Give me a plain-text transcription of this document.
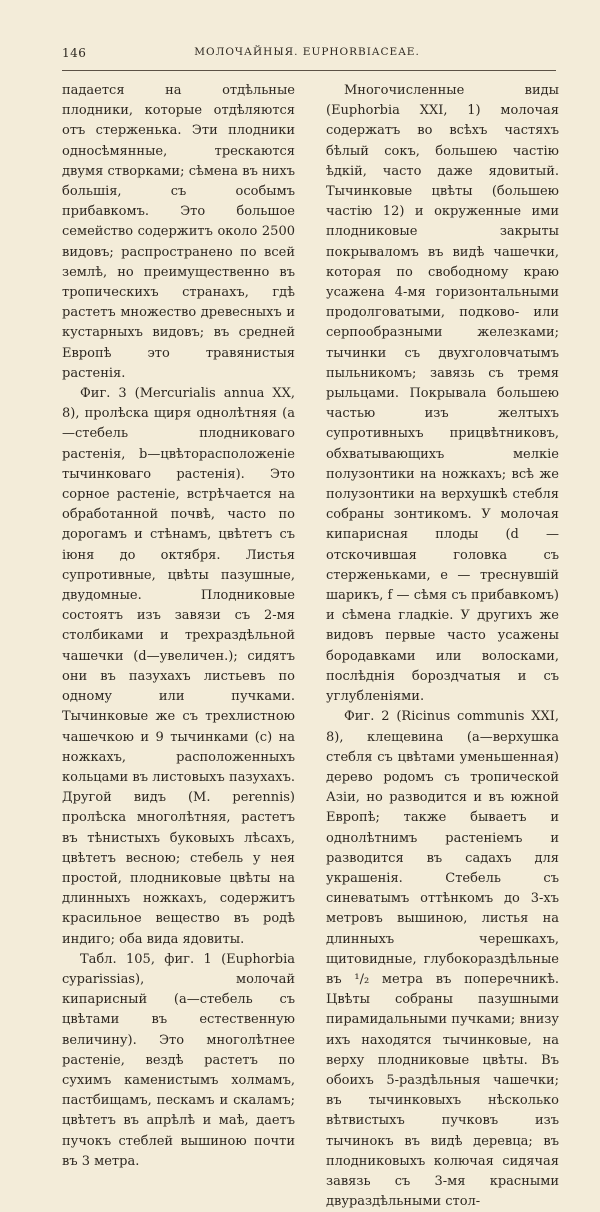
146	МОЛОЧАЙНЫЯ. EUPHORBIACEAE.

падается на отдѣльные плодники, которые отдѣляются отъ стерженька. Эти плодники односѣмянные, трескаются двумя створками; сѣмена въ нихъ большія, съ особымъ прибавкомъ. Это большое семейство содержитъ около 2500 видовъ; распространено по всей землѣ, но преимущественно въ тропическихъ странахъ, гдѣ растетъ множество древесныхъ и кустарныхъ видовъ; въ средней Европѣ это травянистыя растенія.

Фиг. 3 (Mercurialis annua XX, 8), пролѣска щиря однолѣтняя (a—стебель плодниковаго растенія, b—цвѣторасположеніе тычинковаго растенія). Это сорное растеніе, встрѣчается на обработанной почвѣ, часто по дорогамъ и стѣнамъ, цвѣтетъ съ іюня до октября. Листья супротивные, цвѣты пазушные, двудомные. Плодниковые состоятъ изъ завязи съ 2-мя столбиками и трехраздѣльной чашечки (d—увеличен.); сидятъ они въ пазухахъ листьевъ по одному или пучками. Тычинковые же съ трехлистною чашечкою и 9 тычинками (c) на ножкахъ, расположенныхъ кольцами въ листовыхъ пазухахъ. Другой видъ (M. perennis) пролѣска многолѣтняя, растетъ въ тѣнистыхъ буковыхъ лѣсахъ, цвѣтетъ весною; стебель у нея простой, плодниковые цвѣты на длинныхъ ножкахъ, содержитъ красильное вещество въ родѣ индиго; оба вида ядовиты.

Табл. 105, фиг. 1 (Euphorbia cyparissias), молочай кипарисный (a—стебель съ цвѣтами въ естественную величину). Это многолѣтнее растеніе, вездѣ растетъ по сухимъ каменистымъ холмамъ, пастбищамъ, пескамъ и скаламъ; цвѣтетъ въ апрѣлѣ и маѣ, даетъ пучокъ стеблей вышиною почти въ 3 метра.

Многочисленные виды (Euphorbia XXI, 1) молочая содержатъ во всѣхъ частяхъ бѣлый сокъ, большею частію ѣдкій, часто даже ядовитый. Тычинковые цвѣты (большею частію 12) и окруженные ими плодниковые закрыты покрываломъ въ видѣ чашечки, которая по свободному краю усажена 4-мя горизонтальными продолговатыми, подково- или серпообразными железками; тычинки съ двухголовчатымъ пыльникомъ; завязь съ тремя рыльцами. Покрывала большею частью изъ желтыхъ супротивныхъ прицвѣтниковъ, обхватывающихъ мелкіе полузонтики на ножкахъ; всѣ же полузонтики на верхушкѣ стебля собраны зонтикомъ. У молочая кипарисная плоды (d — отскочившая головка съ стерженьками, e — треснувшій шарикъ, f — сѣмя съ прибавкомъ) и сѣмена гладкіе. У другихъ же видовъ первые часто усажены бородавками или волосками, послѣднія бороздчатыя и съ углубленіями.

Фиг. 2 (Ricinus communis XXI, 8), клещевина (a—верхушка стебля съ цвѣтами уменьшенная) дерево родомъ съ тропической Азіи, но разводится и въ южной Европѣ; также бываетъ и однолѣтнимъ растеніемъ и разводится въ садахъ для украшенія. Стебель съ синеватымъ оттѣнкомъ до 3-хъ метровъ вышиною, листья на длинныхъ черешкахъ, щитовидные, глубокораздѣльные въ ¹/₂ метра въ поперечникѣ. Цвѣты собраны пазушными пирамидальными пучками; внизу ихъ находятся тычинковые, на верху плодниковые цвѣты. Въ обоихъ 5-раздѣльныя чашечки; въ тычинковыхъ нѣсколько вѣтвистыхъ пучковъ изъ тычинокъ въ видѣ деревца; въ плодниковыхъ колючая сидячая завязь съ 3-мя красными двураздѣльными стол-
